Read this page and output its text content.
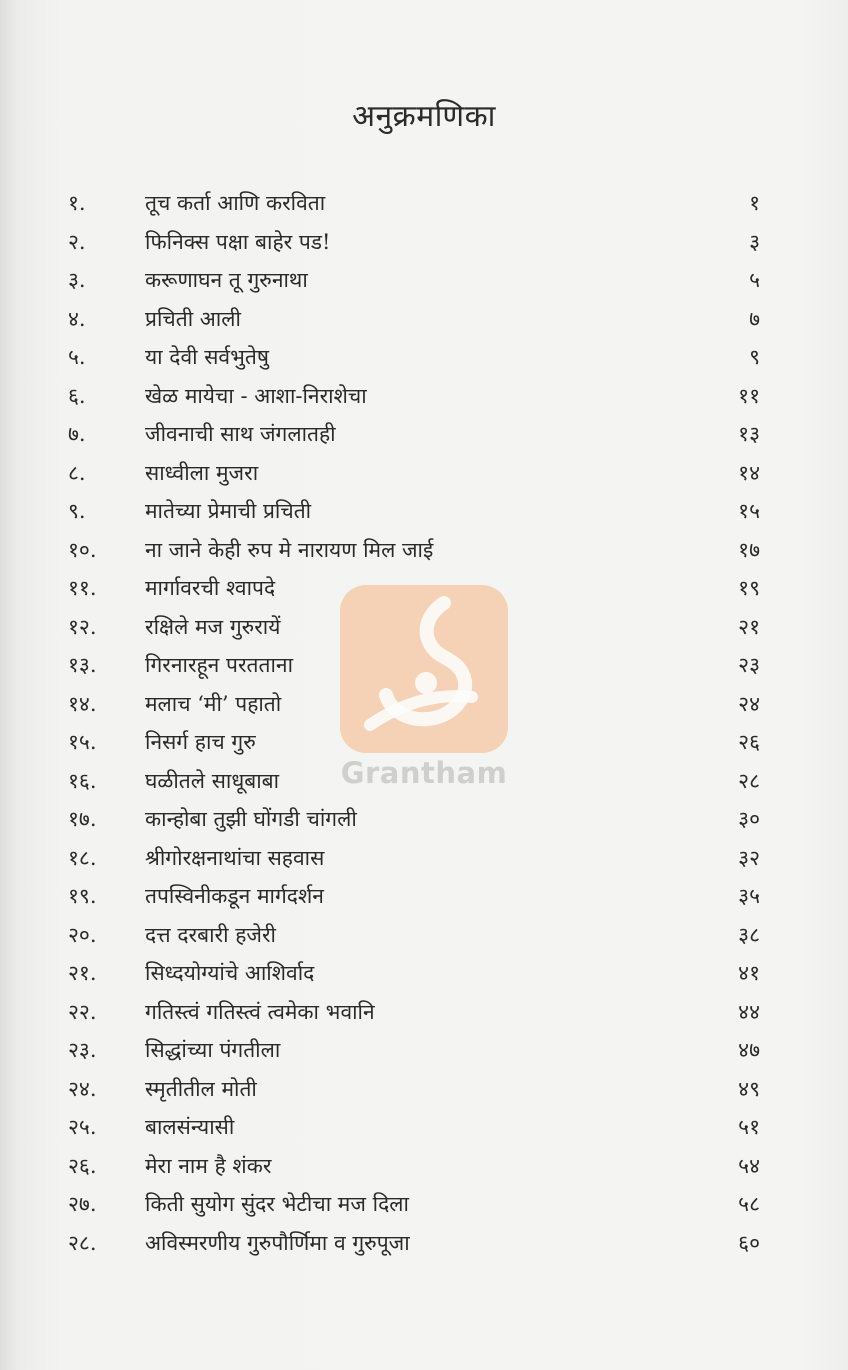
अनुक्रमणिका
१.	तूच कर्ता आणि करविता	१
२.	फिनिक्स पक्षा बाहेर पड!	३
३.	करूणाघन तू गुरुनाथा	५
४.	प्रचिती आली	७
५.	या देवी सर्वभुतेषु	९
६.	खेळ मायेचा - आशा-निराशेचा	११
७.	जीवनाची साथ जंगलातही	१३
८.	साध्वीला मुजरा	१४
९.	मातेच्या प्रेमाची प्रचिती	१५
१०.	ना जाने केही रुप मे नारायण मिल जाई	१७
११.	मार्गावरची श्वापदे	१९
१२.	रक्षिले मज गुरुरायें	२१
१३.	गिरनारहून परतताना	२३
१४.	मलाच ‘मी’ पहातो	२४
१५.	निसर्ग हाच गुरु	२६
१६.	घळीतले साधूबाबा	२८
१७.	कान्होबा तुझी घोंगडी चांगली	३०
१८.	श्रीगोरक्षनाथांचा सहवास	३२
१९.	तपस्विनीकडून मार्गदर्शन	३५
२०.	दत्त दरबारी हजेरी	३८
२१.	सिध्दयोग्यांचे आशिर्वाद	४१
२२.	गतिस्त्वं गतिस्त्वं त्वमेका भवानि	४४
२३.	सिद्धांच्या पंगतीला	४७
२४.	स्मृतीतील मोती	४९
२५.	बालसंन्यासी	५१
२६.	मेरा नाम है शंकर	५४
२७.	किती सुयोग सुंदर भेटीचा मज दिला	५८
२८.	अविस्मरणीय गुरुपौर्णिमा व गुरुपूजा	६०
Grantham
